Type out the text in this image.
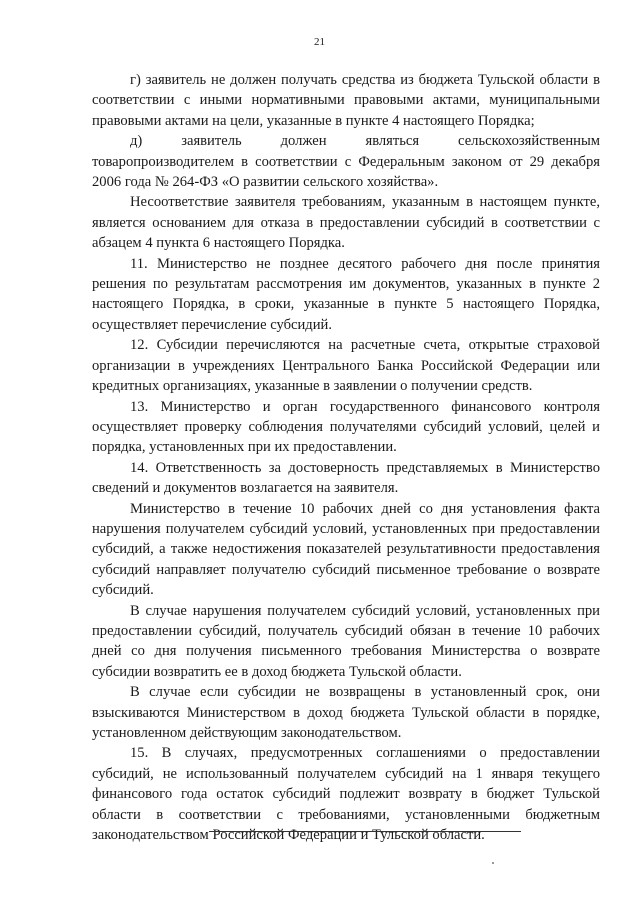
21

г) заявитель не должен получать средства из бюджета Тульской области в соответствии с иными нормативными правовыми актами, муниципальными правовыми актами на цели, указанные в пункте 4 настоящего Порядка;

д) заявитель должен являться сельскохозяйственным товаропроизводителем в соответствии с Федеральным законом от 29 декабря 2006 года № 264-ФЗ «О развитии сельского хозяйства».

Несоответствие заявителя требованиям, указанным в настоящем пункте, является основанием для отказа в предоставлении субсидий в соответствии с абзацем 4 пункта 6 настоящего Порядка.

11. Министерство не позднее десятого рабочего дня после принятия решения по результатам рассмотрения им документов, указанных в пункте 2 настоящего Порядка, в сроки, указанные в пункте 5 настоящего Порядка, осуществляет перечисление субсидий.

12. Субсидии перечисляются на расчетные счета, открытые страховой организации в учреждениях Центрального Банка Российской Федерации или кредитных организациях, указанные в заявлении о получении средств.

13. Министерство и орган государственного финансового контроля осуществляет проверку соблюдения получателями субсидий условий, целей и порядка, установленных при их предоставлении.

14. Ответственность за достоверность представляемых в Министерство сведений и документов возлагается на заявителя.

Министерство в течение 10 рабочих дней со дня установления факта нарушения получателем субсидий условий, установленных при предоставлении субсидий, а также недостижения показателей результативности предоставления субсидий направляет получателю субсидий письменное требование о возврате субсидий.

В случае нарушения получателем субсидий условий, установленных при предоставлении субсидий, получатель субсидий обязан в течение 10 рабочих дней со дня получения письменного требования Министерства о возврате субсидии возвратить ее в доход бюджета Тульской области.

В случае если субсидии не возвращены в установленный срок, они взыскиваются Министерством в доход бюджета Тульской области в порядке, установленном действующим законодательством.

15. В случаях, предусмотренных соглашениями о предоставлении субсидий, не использованный получателем субсидий на 1 января текущего финансового года остаток субсидий подлежит возврату в бюджет Тульской области в соответствии с требованиями, установленными бюджетным законодательством Российской Федерации и Тульской области.
